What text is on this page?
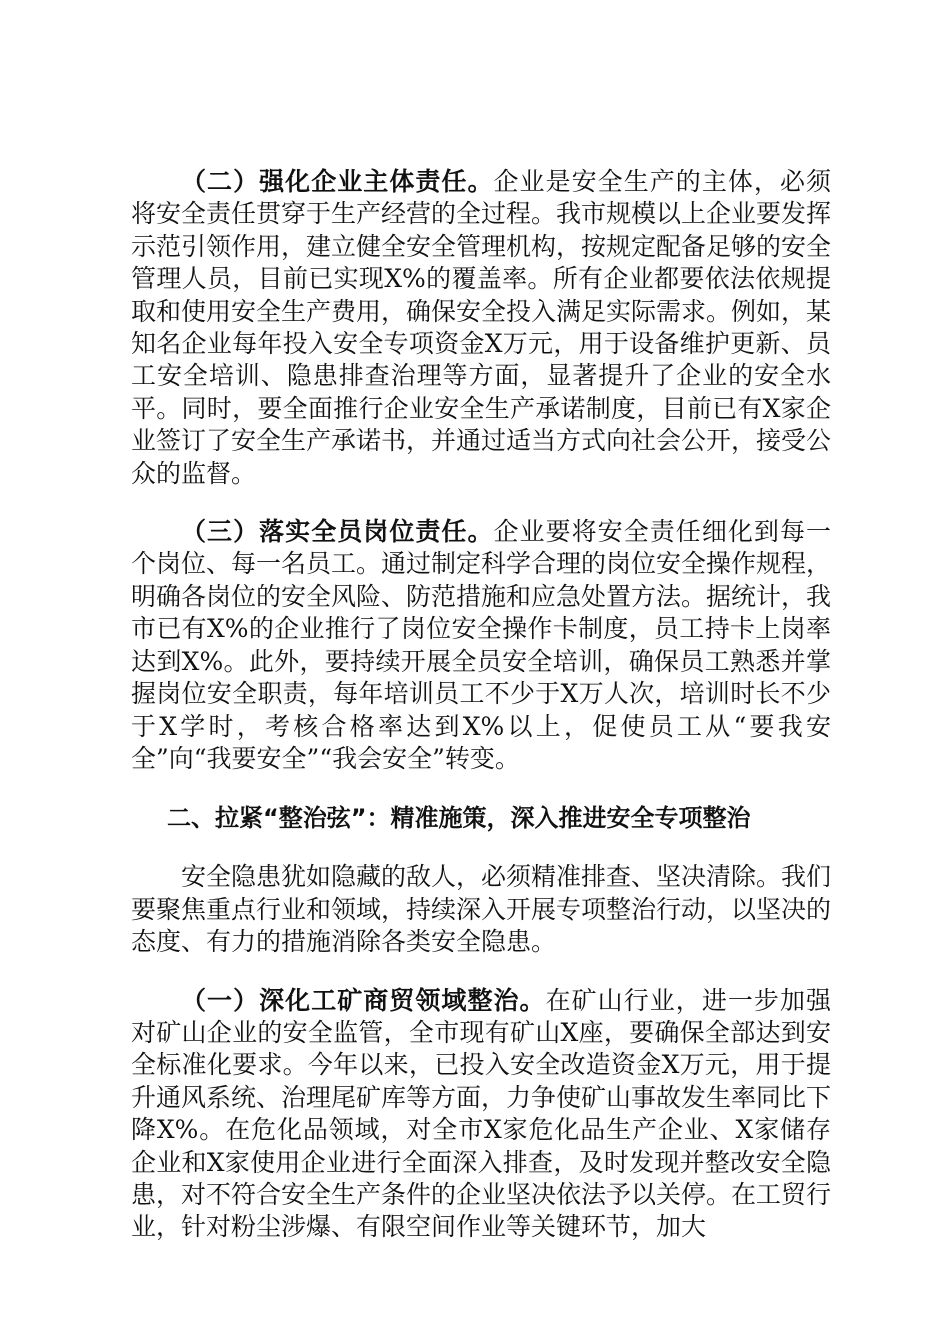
（二）强化企业主体责任。企业是安全生产的主体，必须将安全责任贯穿于生产经营的全过程。我市规模以上企业要发挥示范引领作用，建立健全安全管理机构，按规定配备足够的安全管理人员，目前已实现X%的覆盖率。所有企业都要依法依规提取和使用安全生产费用，确保安全投入满足实际需求。例如，某知名企业每年投入安全专项资金X万元，用于设备维护更新、员工安全培训、隐患排查治理等方面，显著提升了企业的安全水平。同时，要全面推行企业安全生产承诺制度，目前已有X家企业签订了安全生产承诺书，并通过适当方式向社会公开，接受公众的监督。

（三）落实全员岗位责任。企业要将安全责任细化到每一个岗位、每一名员工。通过制定科学合理的岗位安全操作规程，明确各岗位的安全风险、防范措施和应急处置方法。据统计，我市已有X%的企业推行了岗位安全操作卡制度，员工持卡上岗率达到X%。此外，要持续开展全员安全培训，确保员工熟悉并掌握岗位安全职责，每年培训员工不少于X万人次，培训时长不少于X学时，考核合格率达到X%以上，促使员工从“要我安全”向“我要安全”“我会安全”转变。

二、拉紧“整治弦”：精准施策，深入推进安全专项整治

安全隐患犹如隐藏的敌人，必须精准排查、坚决清除。我们要聚焦重点行业和领域，持续深入开展专项整治行动，以坚决的态度、有力的措施消除各类安全隐患。

（一）深化工矿商贸领域整治。在矿山行业，进一步加强对矿山企业的安全监管，全市现有矿山X座，要确保全部达到安全标准化要求。今年以来，已投入安全改造资金X万元，用于提升通风系统、治理尾矿库等方面，力争使矿山事故发生率同比下降X%。在危化品领域，对全市X家危化品生产企业、X家储存企业和X家使用企业进行全面深入排查，及时发现并整改安全隐患，对不符合安全生产条件的企业坚决依法予以关停。在工贸行业，针对粉尘涉爆、有限空间作业等关键环节，加大
